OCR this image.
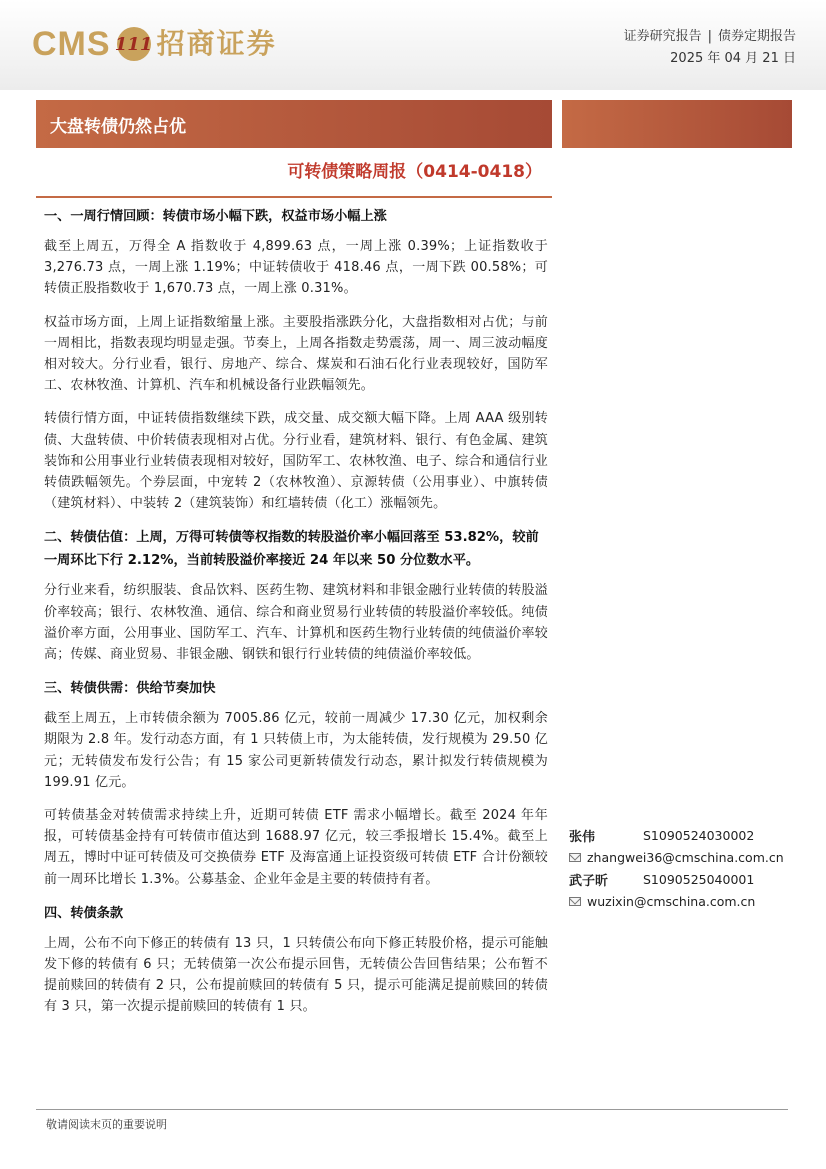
CMS 111 招商证券	证券研究报告 | 债券定期报告
2025 年 04 月 21 日
大盘转债仍然占优
可转债策略周报（0414-0418）
一、一周行情回顾：转债市场小幅下跌，权益市场小幅上涨
截至上周五，万得全 A 指数收于 4,899.63 点，一周上涨 0.39%；上证指数收于 3,276.73 点，一周上涨 1.19%；中证转债收于 418.46 点，一周下跌 00.58%；可转债正股指数收于 1,670.73 点，一周上涨 0.31%。
权益市场方面，上周上证指数缩量上涨。主要股指涨跌分化，大盘指数相对占优；与前一周相比，指数表现均明显走强。节奏上，上周各指数走势震荡，周一、周三波动幅度相对较大。分行业看，银行、房地产、综合、煤炭和石油石化行业表现较好，国防军工、农林牧渔、计算机、汽车和机械设备行业跌幅领先。
转债行情方面，中证转债指数继续下跌，成交量、成交额大幅下降。上周 AAA 级别转债、大盘转债、中价转债表现相对占优。分行业看，建筑材料、银行、有色金属、建筑装饰和公用事业行业转债表现相对较好，国防军工、农林牧渔、电子、综合和通信行业转债跌幅领先。个券层面，中宠转 2（农林牧渔）、京源转债（公用事业）、中旗转债（建筑材料）、中装转 2（建筑装饰）和红墙转债（化工）涨幅领先。
二、转债估值：上周，万得可转债等权指数的转股溢价率小幅回落至 53.82%，较前一周环比下行 2.12%，当前转股溢价率接近 24 年以来 50 分位数水平。
分行业来看，纺织服装、食品饮料、医药生物、建筑材料和非银金融行业转债的转股溢价率较高；银行、农林牧渔、通信、综合和商业贸易行业转债的转股溢价率较低。纯债溢价率方面，公用事业、国防军工、汽车、计算机和医药生物行业转债的纯债溢价率较高；传媒、商业贸易、非银金融、钢铁和银行行业转债的纯债溢价率较低。
三、转债供需：供给节奏加快
截至上周五，上市转债余额为 7005.86 亿元，较前一周减少 17.30 亿元，加权剩余期限为 2.8 年。发行动态方面，有 1 只转债上市，为太能转债，发行规模为 29.50 亿元；无转债发布发行公告；有 15 家公司更新转债发行动态，累计拟发行转债规模为 199.91 亿元。
可转债基金对转债需求持续上升，近期可转债 ETF 需求小幅增长。截至 2024 年年报，可转债基金持有可转债市值达到 1688.97 亿元，较三季报增长 15.4%。截至上周五，博时中证可转债及可交换债券 ETF 及海富通上证投资级可转债 ETF 合计份额较前一周环比增长 1.3%。公募基金、企业年金是主要的转债持有者。
四、转债条款
上周，公布不向下修正的转债有 13 只，1 只转债公布向下修正转股价格，提示可能触发下修的转债有 6 只；无转债第一次公布提示回售，无转债公告回售结果；公布暂不提前赎回的转债有 2 只，公布提前赎回的转债有 5 只，提示可能满足提前赎回的转债有 3 只，第一次提示提前赎回的转债有 1 只。
张伟	S1090524030002
zhangwei36@cmschina.com.cn
武子昕	S1090525040001
wuzixin@cmschina.com.cn
敬请阅读末页的重要说明
